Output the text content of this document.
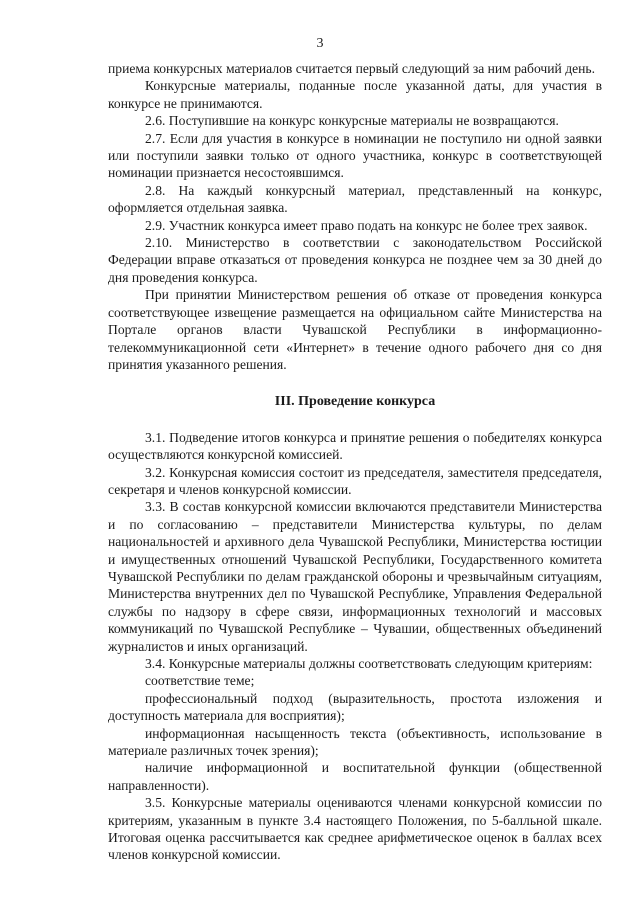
3

приема конкурсных материалов считается первый следующий за ним рабочий день.

Конкурсные материалы, поданные после указанной даты, для участия в конкурсе не принимаются.

2.6. Поступившие на конкурс конкурсные материалы не возвращаются.

2.7. Если для участия в конкурсе в номинации не поступило ни одной заявки или поступили заявки только от одного участника, конкурс в соответствующей номинации признается несостоявшимся.

2.8. На каждый конкурсный материал, представленный на конкурс, оформляется отдельная заявка.

2.9. Участник конкурса имеет право подать на конкурс не более трех заявок.

2.10. Министерство в соответствии с законодательством Российской Федерации вправе отказаться от проведения конкурса не позднее чем за 30 дней до дня проведения конкурса.

При принятии Министерством решения об отказе от проведения конкурса соответствующее извещение размещается на официальном сайте Министерства на Портале органов власти Чувашской Республики в информационно-телекоммуникационной сети «Интернет» в течение одного рабочего дня со дня принятия указанного решения.

III. Проведение конкурса

3.1. Подведение итогов конкурса и принятие решения о победителях конкурса осуществляются конкурсной комиссией.

3.2. Конкурсная комиссия состоит из председателя, заместителя председателя, секретаря и членов конкурсной комиссии.

3.3. В состав конкурсной комиссии включаются представители Министерства и по согласованию – представители Министерства культуры, по делам национальностей и архивного дела Чувашской Республики, Министерства юстиции и имущественных отношений Чувашской Республики, Государственного комитета Чувашской Республики по делам гражданской обороны и чрезвычайным ситуациям, Министерства внутренних дел по Чувашской Республике, Управления Федеральной службы по надзору в сфере связи, информационных технологий и массовых коммуникаций по Чувашской Республике – Чувашии, общественных объединений журналистов и иных организаций.

3.4. Конкурсные материалы должны соответствовать следующим критериям:

соответствие теме;

профессиональный подход (выразительность, простота изложения и доступность материала для восприятия);

информационная насыщенность текста (объективность, использование в материале различных точек зрения);

наличие информационной и воспитательной функции (общественной направленности).

3.5. Конкурсные материалы оцениваются членами конкурсной комиссии по критериям, указанным в пункте 3.4 настоящего Положения, по 5-балльной шкале. Итоговая оценка рассчитывается как среднее арифметическое оценок в баллах всех членов конкурсной комиссии.
